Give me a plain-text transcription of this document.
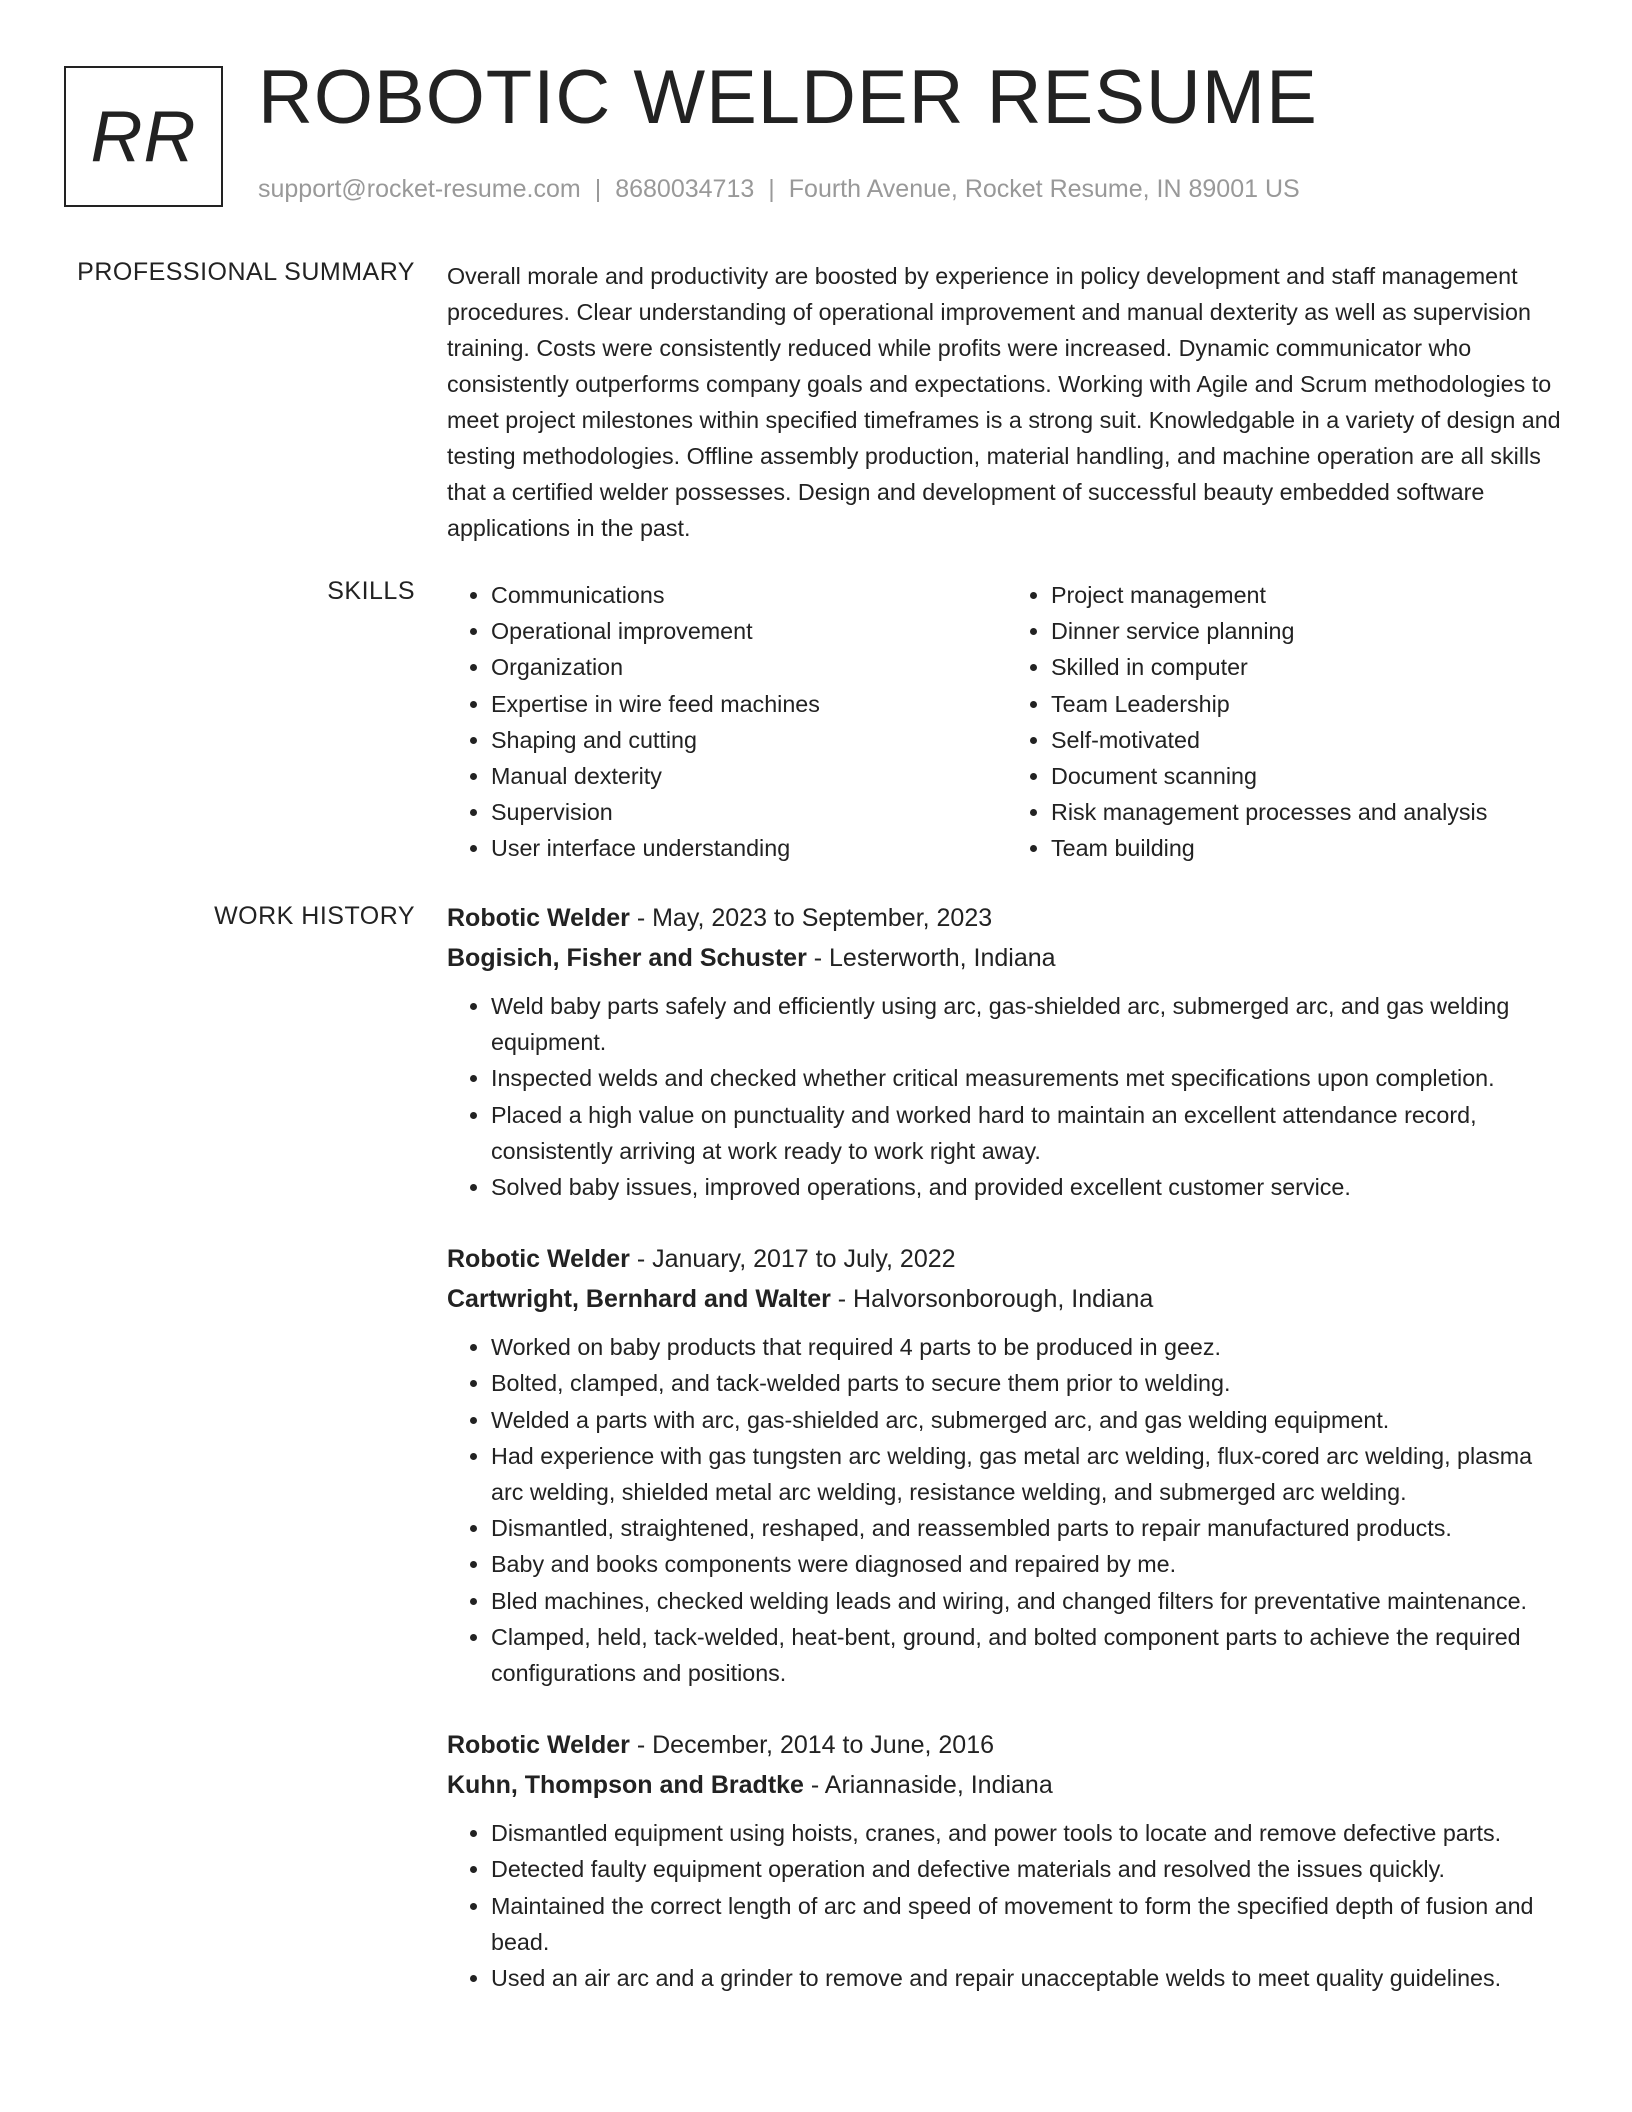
RR ROBOTIC WELDER RESUME
support@rocket-resume.com | 8680034713 | Fourth Avenue, Rocket Resume, IN 89001 US
PROFESSIONAL SUMMARY Overall morale and productivity are boosted by experience in policy development and staff management procedures. Clear understanding of operational improvement and manual dexterity as well as supervision training. Costs were consistently reduced while profits were increased. Dynamic communicator who consistently outperforms company goals and expectations. Working with Agile and Scrum methodologies to meet project milestones within specified timeframes is a strong suit. Knowledgable in a variety of design and testing methodologies. Offline assembly production, material handling, and machine operation are all skills that a certified welder possesses. Design and development of successful beauty embedded software applications in the past.

SKILLS
•	Communications
• Operational improvement
• Organization
• Expertise in wire feed machines
• Shaping and cutting
• Manual dexterity
• Supervision
• User interface understanding
• Project management
• Dinner service planning
• Skilled in computer
• Team Leadership
• Self-motivated
• Document scanning
• Risk management processes and analysis
• Team building
WORK HISTORY Robotic Welder - May, 2023 to September, 2023
Bogisich, Fisher and Schuster - Lesterworth, Indiana
• Weld baby parts safely and efficiently using arc, gas-shielded arc, submerged arc, and gas welding equipment.
• Inspected welds and checked whether critical measurements met specifications upon completion.
• Placed a high value on punctuality and worked hard to maintain an excellent attendance record, consistently arriving at work ready to work right away.
• Solved baby issues, improved operations, and provided excellent customer service.
Robotic Welder - January, 2017 to July, 2022
Cartwright, Bernhard and Walter - Halvorsonborough, Indiana
• Worked on baby products that required 4 parts to be produced in geez.
• Bolted, clamped, and tack-welded parts to secure them prior to welding.
• Welded a parts with arc, gas-shielded arc, submerged arc, and gas welding equipment.
• Had experience with gas tungsten arc welding, gas metal arc welding, flux-cored arc welding, plasma arc welding, shielded metal arc welding, resistance welding, and submerged arc welding.
• Dismantled, straightened, reshaped, and reassembled parts to repair manufactured products.
• Baby and books components were diagnosed and repaired by me.
• Bled machines, checked welding leads and wiring, and changed filters for preventative maintenance.
• Clamped, held, tack-welded, heat-bent, ground, and bolted component parts to achieve the required configurations and positions.
Robotic Welder - December, 2014 to June, 2016
Kuhn, Thompson and Bradtke - Ariannaside, Indiana
• Dismantled equipment using hoists, cranes, and power tools to locate and remove defective parts.
• Detected faulty equipment operation and defective materials and resolved the issues quickly.
• Maintained the correct length of arc and speed of movement to form the specified depth of fusion and bead.
• Used an air arc and a grinder to remove and repair unacceptable welds to meet quality guidelines.
